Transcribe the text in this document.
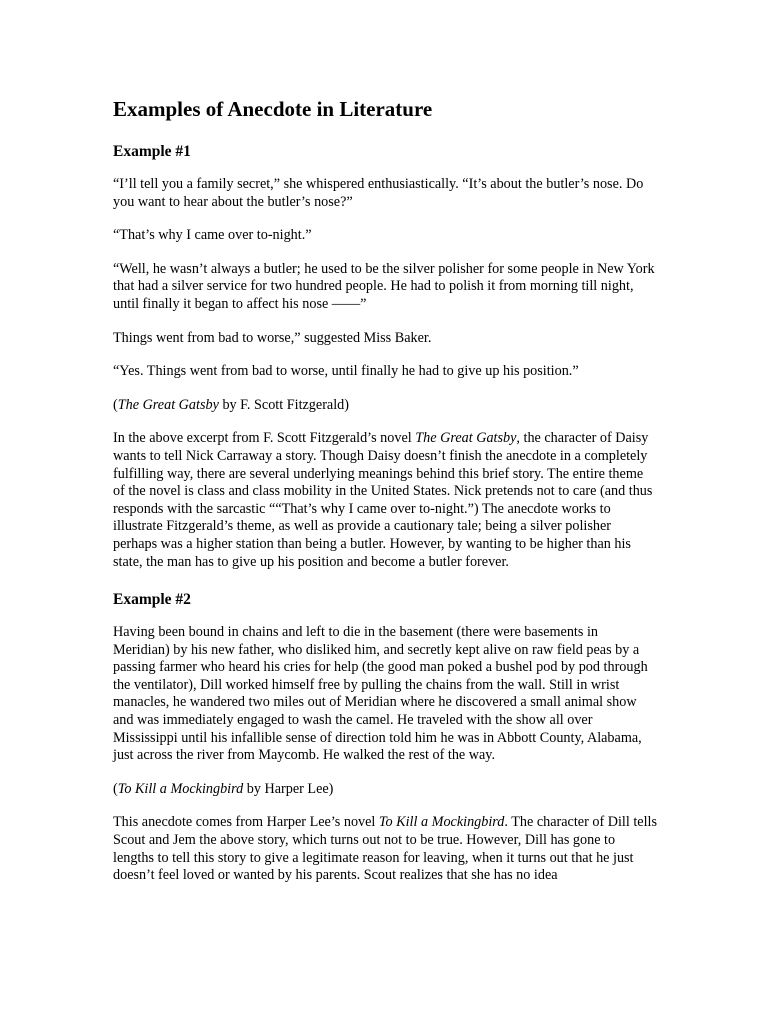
Examples of Anecdote in Literature
Example #1

“I’ll tell you a family secret,” she whispered enthusiastically. “It’s about the butler’s nose. Do you want to hear about the butler’s nose?”

“That’s why I came over to-night.”

“Well, he wasn’t always a butler; he used to be the silver polisher for some people in New York that had a silver service for two hundred people. He had to polish it from morning till night, until finally it began to affect his nose ——”

Things went from bad to worse,” suggested Miss Baker.

“Yes. Things went from bad to worse, until finally he had to give up his position.”

(The Great Gatsby by F. Scott Fitzgerald)

In the above excerpt from F. Scott Fitzgerald’s novel The Great Gatsby, the character of Daisy wants to tell Nick Carraway a story. Though Daisy doesn’t finish the anecdote in a completely fulfilling way, there are several underlying meanings behind this brief story. The entire theme of the novel is class and class mobility in the United States. Nick pretends not to care (and thus responds with the sarcastic ““That’s why I came over to-night.”) The anecdote works to illustrate Fitzgerald’s theme, as well as provide a cautionary tale; being a silver polisher perhaps was a higher station than being a butler. However, by wanting to be higher than his state, the man has to give up his position and become a butler forever.

Example #2

Having been bound in chains and left to die in the basement (there were basements in Meridian) by his new father, who disliked him, and secretly kept alive on raw field peas by a passing farmer who heard his cries for help (the good man poked a bushel pod by pod through the ventilator), Dill worked himself free by pulling the chains from the wall. Still in wrist manacles, he wandered two miles out of Meridian where he discovered a small animal show and was immediately engaged to wash the camel. He traveled with the show all over Mississippi until his infallible sense of direction told him he was in Abbott County, Alabama, just across the river from Maycomb. He walked the rest of the way.

(To Kill a Mockingbird by Harper Lee)

This anecdote comes from Harper Lee’s novel To Kill a Mockingbird. The character of Dill tells Scout and Jem the above story, which turns out not to be true. However, Dill has gone to lengths to tell this story to give a legitimate reason for leaving, when it turns out that he just doesn’t feel loved or wanted by his parents. Scout realizes that she has no idea
